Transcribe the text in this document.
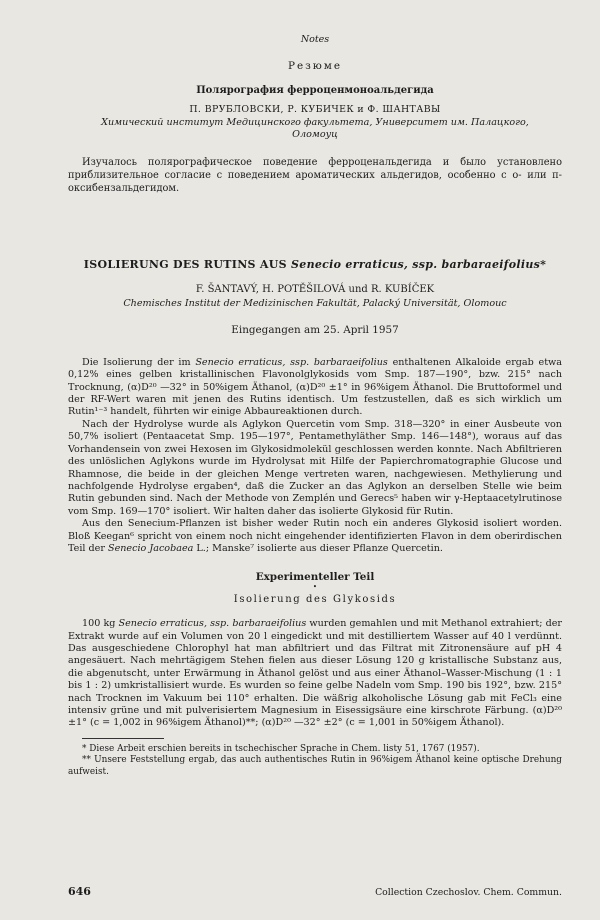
Notes
Резюме
Полярография ферроценмоноальдегида
П. ВРУБЛОВСКИ, Р. КУБИЧЕК и Ф. ШАНТАВЫ
Химический институт Медицинского факультета, Университет им. Палацкого,
Оломоуц

Изучалось полярографическое поведение ферроценальдегида и было установлено приблизительное согласие с поведением ароматических альдегидов, особенно с о- или п-оксибензальдегидом.

ISOLIERUNG DES RUTINS AUS Senecio erraticus, ssp. barbaraeifolius*
F. ŠANTAVÝ, H. POTĚŠILOVÁ und R. KUBÍČEK
Chemisches Institut der Medizinischen Fakultät, Palacký Universität, Olomouc
Eingegangen am 25. April 1957

Die Isolierung der im Senecio erraticus, ssp. barbaraeifolius enthaltenen Alkaloide ergab etwa 0,12% eines gelben kristallinischen Flavonolglykosids vom Smp. 187—190°, bzw. 215° nach Trocknung, (α)D²⁰ —32° in 50%igem Äthanol, (α)D²⁰ ±1° in 96%igem Äthanol. Die Bruttoformel und der RF-Wert waren mit jenen des Rutins identisch. Um festzustellen, daß es sich wirklich um Rutin¹⁻³ handelt, führten wir einige Abbaureaktionen durch.

Nach der Hydrolyse wurde als Aglykon Quercetin vom Smp. 318—320° in einer Ausbeute von 50,7% isoliert (Pentaacetat Smp. 195—197°, Pentamethyläther Smp. 146—148°), woraus auf das Vorhandensein von zwei Hexosen im Glykosidmolekül geschlossen werden konnte. Nach Abfiltrieren des unlöslichen Aglykons wurde im Hydrolysat mit Hilfe der Papierchromatographie Glucose und Rhamnose, die beide in der gleichen Menge vertreten waren, nachgewiesen. Methylierung und nachfolgende Hydrolyse ergaben⁴, daß die Zucker an das Aglykon an derselben Stelle wie beim Rutin gebunden sind. Nach der Methode von Zemplén und Gerecs⁵ haben wir γ-Heptaacetylrutinose vom Smp. 169—170° isoliert. Wir halten daher das isolierte Glykosid für Rutin.

Aus den Senecium-Pflanzen ist bisher weder Rutin noch ein anderes Glykosid isoliert worden. Bloß Keegan⁶ spricht von einem noch nicht eingehender identifizierten Flavon in dem oberirdischen Teil der Senecio Jacobaea L.; Manske⁷ isolierte aus dieser Pflanze Quercetin.

Experimenteller Teil
•
Isolierung des Glykosids

100 kg Senecio erraticus, ssp. barbaraeifolius wurden gemahlen und mit Methanol extrahiert; der Extrakt wurde auf ein Volumen von 20 l eingedickt und mit destilliertem Wasser auf 40 l verdünnt. Das ausgeschiedene Chlorophyl hat man abfiltriert und das Filtrat mit Zitronensäure auf pH 4 angesäuert. Nach mehrtägigem Stehen fielen aus dieser Lösung 120 g kristallische Substanz aus, die abgenutscht, unter Erwärmung in Äthanol gelöst und aus einer Äthanol–Wasser-Mischung (1 : 1 bis 1 : 2) umkristallisiert wurde. Es wurden so feine gelbe Nadeln vom Smp. 190 bis 192°, bzw. 215° nach Trocknen im Vakuum bei 110° erhalten. Die wäßrig alkoholische Lösung gab mit FeCl₃ eine intensiv grüne und mit pulverisiertem Magnesium in Eisessigsäure eine kirschrote Färbung. (α)D²⁰ ±1° (c = 1,002 in 96%igem Äthanol)**; (α)D²⁰ —32° ±2° (c = 1,001 in 50%igem Äthanol).

* Diese Arbeit erschien bereits in tschechischer Sprache in Chem. listy 51, 1767 (1957).

** Unsere Feststellung ergab, das auch authentisches Rutin in 96%igem Äthanol keine optische Drehung aufweist.

646	Collection Czechoslov. Chem. Commun.
